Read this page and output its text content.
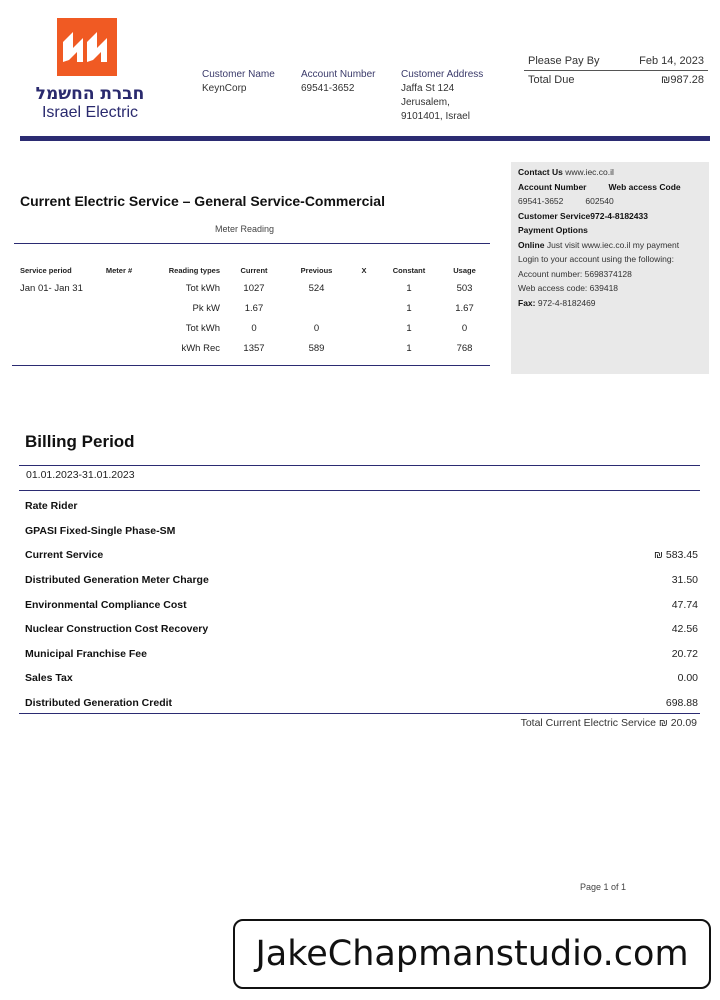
חברת החשמל
Israel Electric
Customer Name
KeynCorp
Account Number
69541-3652
Customer Address
Jaffa St 124
Jerusalem,
9101401, Israel
Please Pay By	Feb 14, 2023
Total Due	₪987.28
Current Electric Service – General Service-Commercial
Meter Reading
Service period	Meter #	Reading types	Current	Previous	X	Constant	Usage
Jan 01- Jan 31		Tot kWh	1027	524		1	503
		Pk kW	1.67			1	1.67
		Tot kWh	0	0		1	0
		kWh Rec	1357	589		1	768
Contact Us www.iec.co.il
Account Number	Web access Code
69541-3652	602540
Customer Service972-4-8182433
Payment Options
Online Just visit www.iec.co.il my payment
Login to your account using the following:
Account number: 5698374128
Web access code: 639418
Fax: 972-4-8182469
Billing Period
01.01.2023-31.01.2023
Rate Rider
GPASI Fixed-Single Phase-SM
Current Service	₪ 583.45
Distributed Generation Meter Charge	31.50
Environmental Compliance Cost	47.74
Nuclear Construction Cost Recovery	42.56
Municipal Franchise Fee	20.72
Sales Tax	0.00
Distributed Generation Credit	698.88
Total Current Electric Service ₪ 20.09
Page 1 of 1
JakeChapmanstudio.com
